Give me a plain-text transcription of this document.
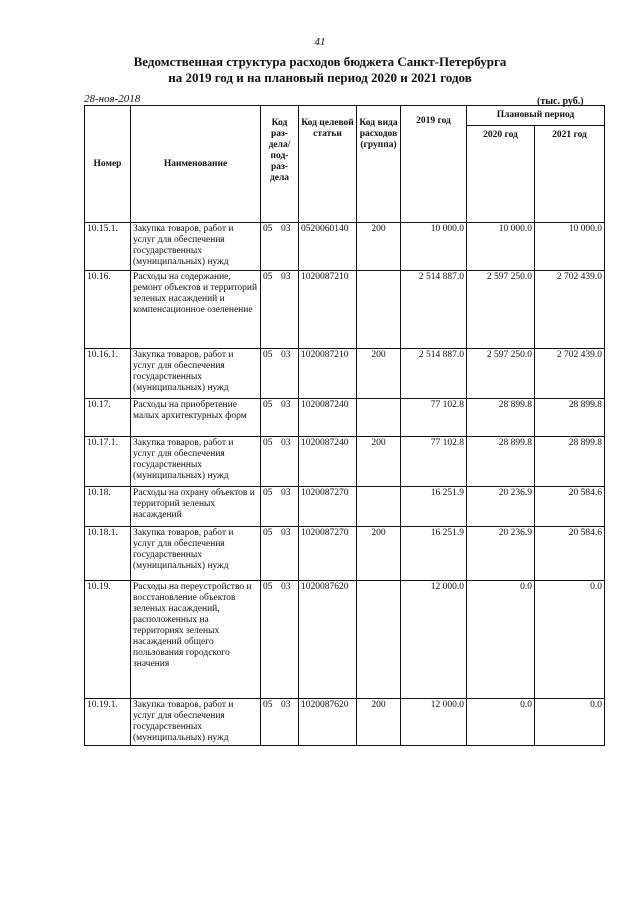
41
Ведомственная структура расходов бюджета Санкт-Петербурга
на 2019 год и на плановый период 2020 и 2021 годов
28-ноя-2018	(тыс. руб.)
Номер	Наименование	Код раз-дела/ под-раз-дела	Код целевой статьи	Код вида расходов (группа)	2019 год	Плановый период	
						2020 год	2021 год
10.15.1.	Закупка товаров, работ и услуг для обеспечения государственных (муниципальных) нужд	05 03	0520060140	200	10 000.0	10 000.0	10 000.0
10.16.	Расходы на содержание, ремонт объектов и территорий зеленых насаждений и компенсационное озеленение	05 03	1020087210		2 514 887.0	2 597 250.0	2 702 439.0
10.16.1.	Закупка товаров, работ и услуг для обеспечения государственных (муниципальных) нужд	05 03	1020087210	200	2 514 887.0	2 597 250.0	2 702 439.0
10.17.	Расходы на приобретение малых архитектурных форм	05 03	1020087240		77 102.8	28 899.8	28 899.8
10.17.1.	Закупка товаров, работ и услуг для обеспечения государственных (муниципальных) нужд	05 03	1020087240	200	77 102.8	28 899.8	28 899.8
10.18.	Расходы на охрану объектов и территорий зеленых насаждений	05 03	1020087270		16 251.9	20 236.9	20 584.6
10.18.1.	Закупка товаров, работ и услуг для обеспечения государственных (муниципальных) нужд	05 03	1020087270	200	16 251.9	20 236.9	20 584.6
10.19.	Расходы на переустройство и восстановление объектов зеленых насаждений, расположенных на территориях зеленых насаждений общего пользования городского значения	05 03	1020087620		12 000.0	0.0	0.0
10.19.1.	Закупка товаров, работ и услуг для обеспечения государственных (муниципальных) нужд	05 03	1020087620	200	12 000.0	0.0	0.0
